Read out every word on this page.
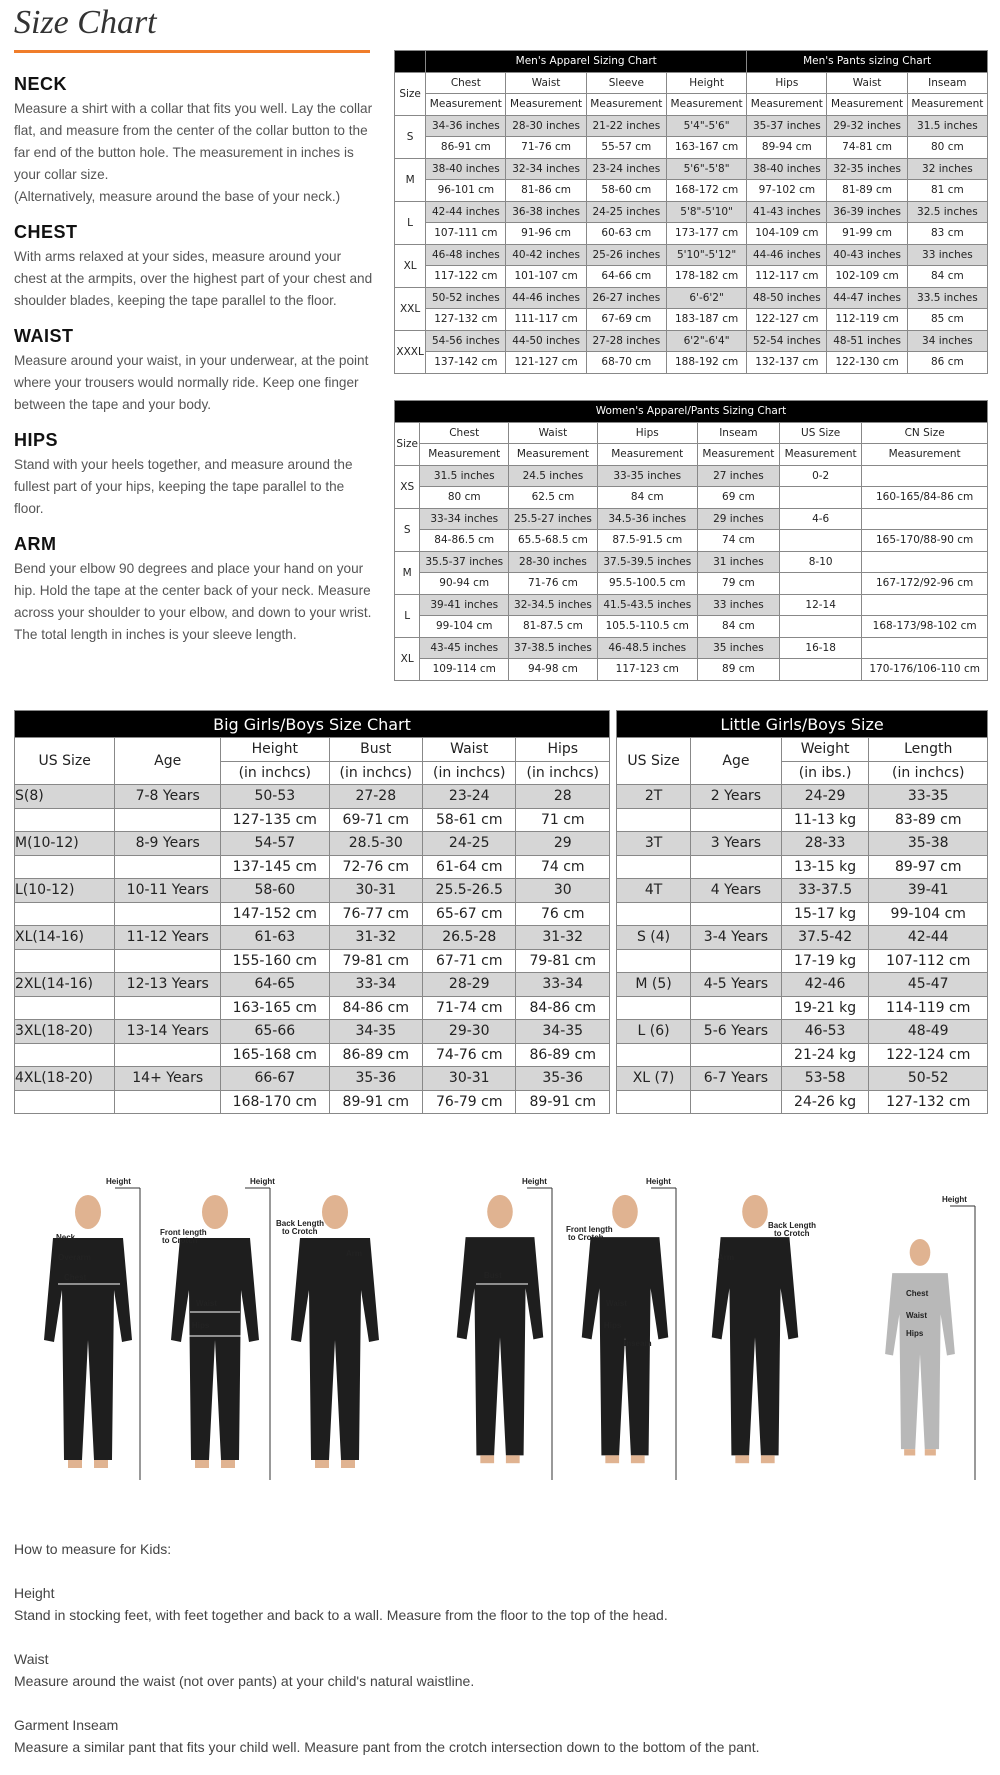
Size Chart
NECK

Measure a shirt with a collar that fits you well. Lay the collar flat, and measure from the center of the collar button to the far end of the button hole. The measurement in inches is your collar size.

(Alternatively, measure around the base of your neck.)

CHEST

With arms relaxed at your sides, measure around your chest at the armpits, over the highest part of your chest and shoulder blades, keeping the tape parallel to the floor.

WAIST

Measure around your waist, in your underwear, at the point where your trousers would normally ride. Keep one finger between the tape and your body.

HIPS

Stand with your heels together, and measure around the fullest part of your hips, keeping the tape parallel to the floor.

ARM

Bend your elbow 90 degrees and place your hand on your hip. Hold the tape at the center back of your neck. Measure across your shoulder to your elbow, and down to your wrist. The total length in inches is your sleeve length.

	Men's Apparel Sizing Chart				Men's Pants sizing Chart		
Size	Chest	Waist	Sleeve	Height	Hips	Waist	Inseam
	Measurement	Measurement	Measurement	Measurement	Measurement	Measurement	Measurement
S	34-36 inches	28-30 inches	21-22 inches	5'4"-5'6"	35-37 inches	29-32 inches	31.5 inches
	86-91 cm	71-76 cm	55-57 cm	163-167 cm	89-94 cm	74-81 cm	80 cm
M	38-40 inches	32-34 inches	23-24 inches	5'6"-5'8"	38-40 inches	32-35 inches	32 inches
	96-101 cm	81-86 cm	58-60 cm	168-172 cm	97-102 cm	81-89 cm	81 cm
L	42-44 inches	36-38 inches	24-25 inches	5'8"-5'10"	41-43 inches	36-39 inches	32.5 inches
	107-111 cm	91-96 cm	60-63 cm	173-177 cm	104-109 cm	91-99 cm	83 cm
XL	46-48 inches	40-42 inches	25-26 inches	5'10"-5'12"	44-46 inches	40-43 inches	33 inches
	117-122 cm	101-107 cm	64-66 cm	178-182 cm	112-117 cm	102-109 cm	84 cm
XXL	50-52 inches	44-46 inches	26-27 inches	6'-6'2"	48-50 inches	44-47 inches	33.5 inches
	127-132 cm	111-117 cm	67-69 cm	183-187 cm	122-127 cm	112-119 cm	85 cm
XXXL	54-56 inches	44-50 inches	27-28 inches	6'2"-6'4"	52-54 inches	48-51 inches	34 inches
	137-142 cm	121-127 cm	68-70 cm	188-192 cm	132-137 cm	122-130 cm	86 cm
Women's Apparel/Pants Sizing Chart						
Size	Chest	Waist	Hips	Inseam	US Size	CN Size
	Measurement	Measurement	Measurement	Measurement	Measurement	Measurement
XS	31.5 inches	24.5 inches	33-35 inches	27 inches	0-2	
	80 cm	62.5 cm	84 cm	69 cm		160-165/84-86 cm
S	33-34 inches	25.5-27 inches	34.5-36 inches	29 inches	4-6	
	84-86.5 cm	65.5-68.5 cm	87.5-91.5 cm	74 cm		165-170/88-90 cm
M	35.5-37 inches	28-30 inches	37.5-39.5 inches	31 inches	8-10	
	90-94 cm	71-76 cm	95.5-100.5 cm	79 cm		167-172/92-96 cm
L	39-41 inches	32-34.5 inches	41.5-43.5 inches	33 inches	12-14	
	99-104 cm	81-87.5 cm	105.5-110.5 cm	84 cm		168-173/98-102 cm
XL	43-45 inches	37-38.5 inches	46-48.5 inches	35 inches	16-18	
	109-114 cm	94-98 cm	117-123 cm	89 cm		170-176/106-110 cm
Big Girls/Boys Size Chart					
US Size	Age	Height	Bust	Waist	Hips
		(in inchcs)	(in inchcs)	(in inchcs)	(in inchcs)
S(8)	7-8 Years	50-53	27-28	23-24	28
		127-135 cm	69-71 cm	58-61 cm	71 cm
M(10-12)	8-9 Years	54-57	28.5-30	24-25	29
		137-145 cm	72-76 cm	61-64 cm	74 cm
L(10-12)	10-11 Years	58-60	30-31	25.5-26.5	30
		147-152 cm	76-77 cm	65-67 cm	76 cm
XL(14-16)	11-12 Years	61-63	31-32	26.5-28	31-32
		155-160 cm	79-81 cm	67-71 cm	79-81 cm
2XL(14-16)	12-13 Years	64-65	33-34	28-29	33-34
		163-165 cm	84-86 cm	71-74 cm	84-86 cm
3XL(18-20)	13-14 Years	65-66	34-35	29-30	34-35
		165-168 cm	86-89 cm	74-76 cm	86-89 cm
4XL(18-20)	14+ Years	66-67	35-36	30-31	35-36
		168-170 cm	89-91 cm	76-79 cm	89-91 cm
Little Girls/Boys Size			
US Size	Age	Weight	Length
		(in ibs.)	(in inchcs)
2T	2 Years	24-29	33-35
		11-13 kg	83-89 cm
3T	3 Years	28-33	35-38
		13-15 kg	89-97 cm
4T	4 Years	33-37.5	39-41
		15-17 kg	99-104 cm
S (4)	3-4 Years	37.5-42	42-44
		17-19 kg	107-112 cm
M (5)	4-5 Years	42-46	45-47
		19-21 kg	114-119 cm
L (6)	5-6 Years	46-53	48-49
		21-24 kg	122-124 cm
XL (7)	6-7 Years	53-58	50-52
		24-26 kg	127-132 cm
Height
Neck
Overarm
Chest
Height
Front length
to Crotch
Waist
Hips
Back Length
to Crotch
Arm
Height
Bust
Height
Front length
to Crotch
Waist
Hips
Inseam
Back Length
to Crotch
Arm
Height
Chest
Waist
Hips

How to measure for Kids:

Height

Stand in stocking feet, with feet together and back to a wall. Measure from the floor to the top of the head.

Waist

Measure around the waist (not over pants) at your child's natural waistline.

Garment Inseam

Measure a similar pant that fits your child well. Measure pant from the crotch intersection down to the bottom of the pant.
